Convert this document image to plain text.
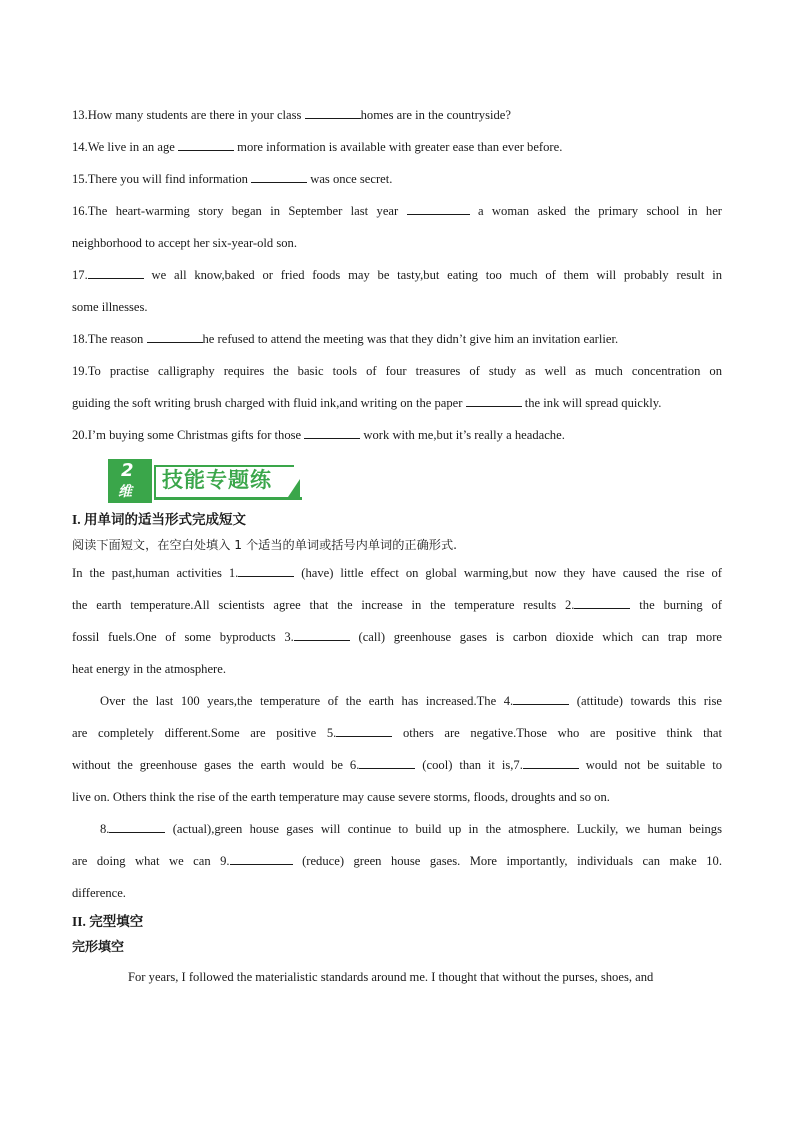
13.How many students are there in your class	homes are in the countryside?
14.We live in an age	more information is available with greater ease than ever before.
15.There you will find information	was once secret.
16.The heart-warming story began in September last year	a woman asked the primary school in her
neighborhood to accept her six-year-old son.
17.	we all know,baked or fried foods may be tasty,but eating too much of them will probably result in
some illnesses.
18.The reason	he refused to attend the meeting was that they didn’t give him an invitation earlier.
19.To practise calligraphy requires the basic tools of four treasures of study as well as much concentration on
guiding the soft writing brush charged with fluid ink,and writing on the paper	the ink will spread quickly.
20.I’m buying some Christmas gifts for those	work with me,but it’s really a headache.
2
维 技能专题练
I. 用单词的适当形式完成短文
阅读下面短文，在空白处填入 1 个适当的单词或括号内单词的正确形式.
In the past,human activities 1.	(have) little effect on global warming,but now they have caused the rise of
the earth temperature.All scientists agree that the increase in the temperature results 2.	the burning of
fossil fuels.One of some byproducts 3.	(call) greenhouse gases is carbon dioxide which can trap more
heat energy in the atmosphere.
Over the last 100 years,the temperature of the earth has increased.The 4.	(attitude) towards this rise
are completely different.Some are positive 5.	others are negative.Those who are positive think that
without the greenhouse gases the earth would be 6.	(cool) than it is,7.	would not be suitable to
live on. Others think the rise of the earth temperature may cause severe storms, floods, droughts and so on.
8.	(actual),green house gases will continue to build up in the atmosphere. Luckily, we human beings
are doing what we can 9.	(reduce) green house gases. More importantly, individuals can make 10.
difference.
II. 完型填空
完形填空
For years, I followed the materialistic standards around me. I thought that without the purses, shoes, and
